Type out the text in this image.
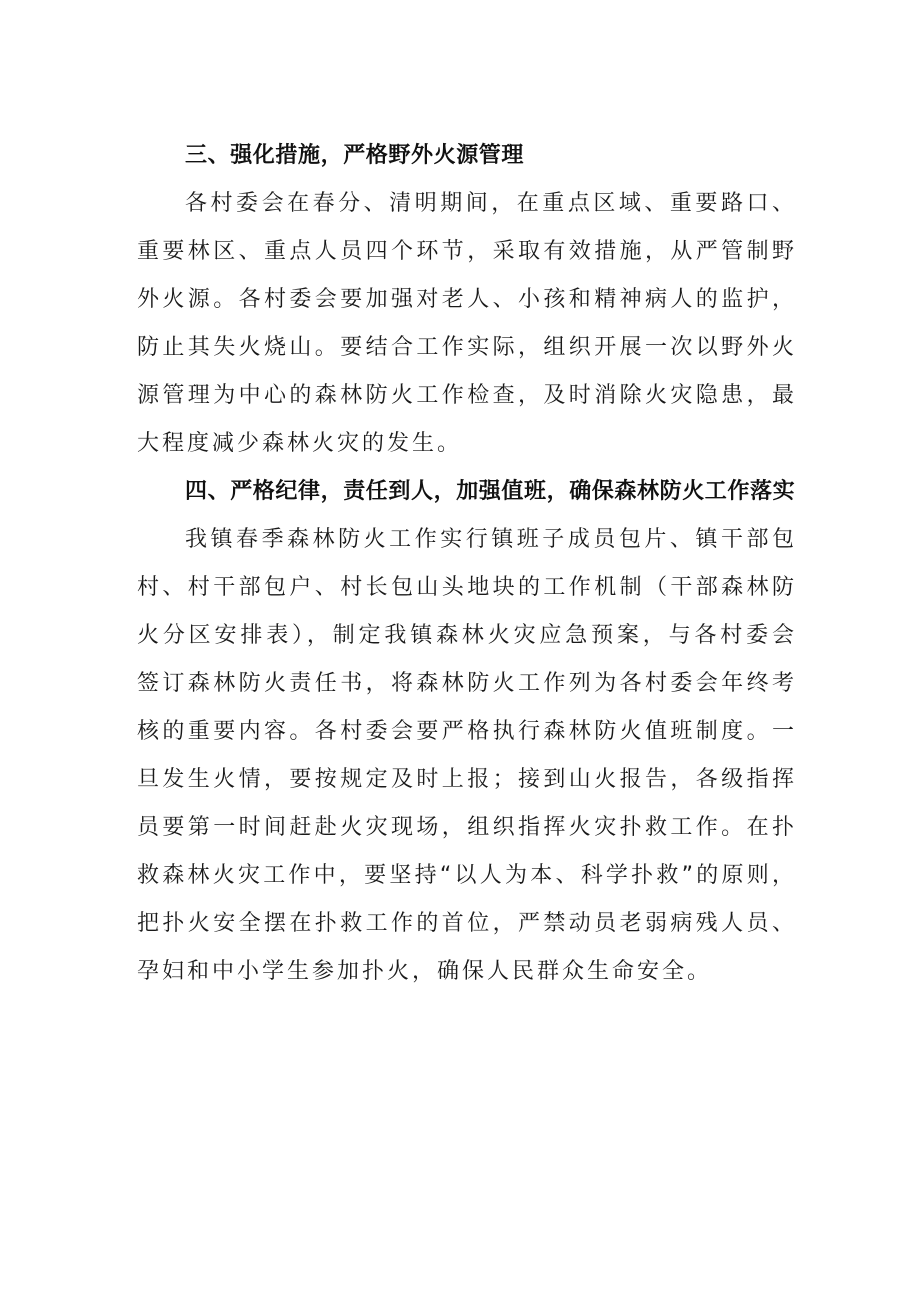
三、强化措施，严格野外火源管理

各村委会在春分、清明期间，在重点区域、重要路口、重要林区、重点人员四个环节，采取有效措施，从严管制野外火源。各村委会要加强对老人、小孩和精神病人的监护，防止其失火烧山。要结合工作实际，组织开展一次以野外火源管理为中心的森林防火工作检查，及时消除火灾隐患，最大程度减少森林火灾的发生。

四、严格纪律，责任到人，加强值班，确保森林防火工作落实

我镇春季森林防火工作实行镇班子成员包片、镇干部包村、村干部包户、村长包山头地块的工作机制（干部森林防火分区安排表），制定我镇森林火灾应急预案，与各村委会签订森林防火责任书，将森林防火工作列为各村委会年终考核的重要内容。各村委会要严格执行森林防火值班制度。一旦发生火情，要按规定及时上报；接到山火报告，各级指挥员要第一时间赶赴火灾现场，组织指挥火灾扑救工作。在扑救森林火灾工作中，要坚持“以人为本、科学扑救”的原则，把扑火安全摆在扑救工作的首位，严禁动员老弱病残人员、孕妇和中小学生参加扑火，确保人民群众生命安全。
